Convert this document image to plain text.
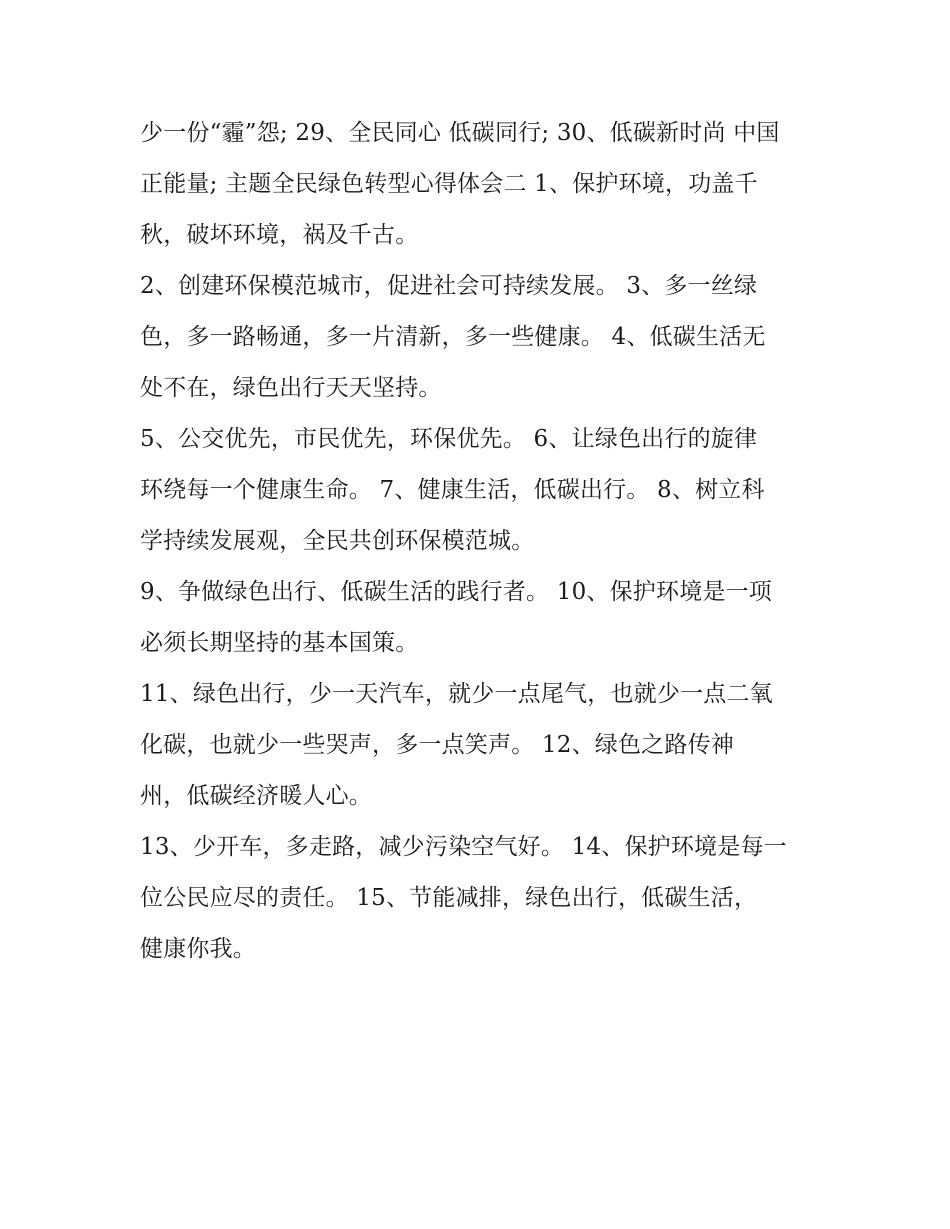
少一份“霾”怨; 29、全民同心 低碳同行; 30、低碳新时尚 中国
正能量; 主题全民绿色转型心得体会二 1、保护环境，功盖千
秋，破坏环境，祸及千古。
2、创建环保模范城市，促进社会可持续发展。 3、多一丝绿
色，多一路畅通，多一片清新，多一些健康。 4、低碳生活无
处不在，绿色出行天天坚持。
5、公交优先，市民优先，环保优先。 6、让绿色出行的旋律
环绕每一个健康生命。 7、健康生活，低碳出行。 8、树立科
学持续发展观，全民共创环保模范城。
9、争做绿色出行、低碳生活的践行者。 10、保护环境是一项
必须长期坚持的基本国策。
11、绿色出行，少一天汽车，就少一点尾气，也就少一点二氧
化碳，也就少一些哭声，多一点笑声。 12、绿色之路传神
州，低碳经济暖人心。
13、少开车，多走路，减少污染空气好。 14、保护环境是每一
位公民应尽的责任。 15、节能减排，绿色出行，低碳生活，
健康你我。
